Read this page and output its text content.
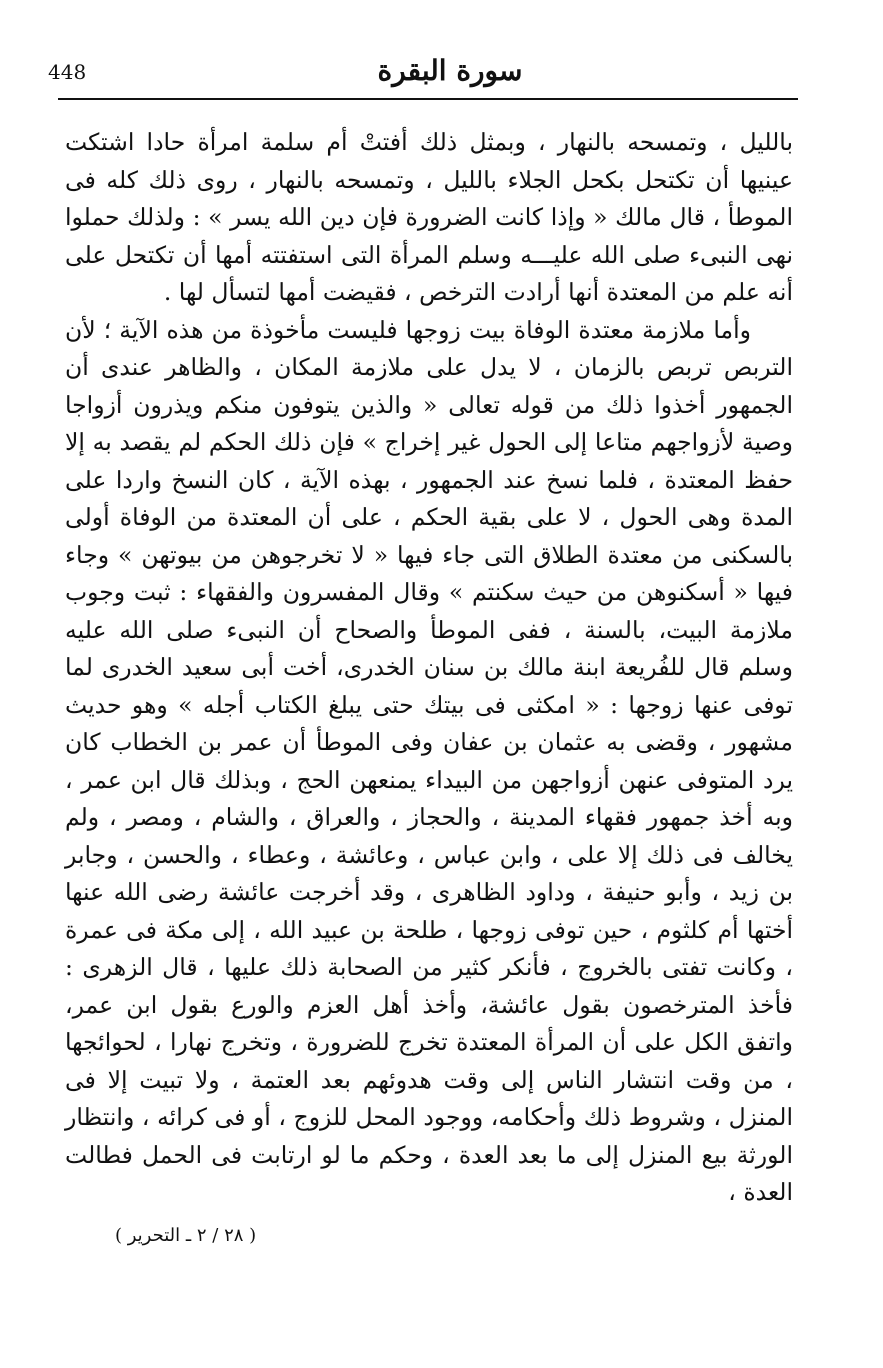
448	سورة البقرة

بالليل ، وتمسحه بالنهار ، وبمثل ذلك أفتتْ أم سلمة امرأة حادا اشتكت عينيها أن تكتحل بكحل الجلاء بالليل ، وتمسحه بالنهار ، روى ذلك كله فى الموطأ ، قال مالك « وإذا كانت الضرورة فإن دين الله يسر » : ولذلك حملوا نهى النبىء صلى الله عليـــه وسلم المرأة التى استفتته أمها أن تكتحل على أنه علم من المعتدة أنها أرادت الترخص ، فقيضت أمها لتسأل لها .

وأما ملازمة معتدة الوفاة بيت زوجها فليست مأخوذة من هذه الآية ؛ لأن التربص تربص بالزمان ، لا يدل على ملازمة المكان ، والظاهر عندى أن الجمهور أخذوا ذلك من قوله تعالى « والذين يتوفون منكم ويذرون أزواجا وصية لأزواجهم متاعا إلى الحول غير إخراج » فإن ذلك الحكم لم يقصد به إلا حفظ المعتدة ، فلما نسخ عند الجمهور ، بهذه الآية ، كان النسخ واردا على المدة وهى الحول ، لا على بقية الحكم ، على أن المعتدة من الوفاة أولى بالسكنى من معتدة الطلاق التى جاء فيها « لا تخرجوهن من بيوتهن » وجاء فيها « أسكنوهن من حيث سكنتم » وقال المفسرون والفقهاء : ثبت وجوب ملازمة البيت، بالسنة ، ففى الموطأ والصحاح أن النبىء صلى الله عليه وسلم قال للفُريعة ابنة مالك بن سنان الخدرى، أخت أبى سعيد الخدرى لما توفى عنها زوجها : « امكثى فى بيتك حتى يبلغ الكتاب أجله » وهو حديث مشهور ، وقضى به عثمان بن عفان وفى الموطأ أن عمر بن الخطاب كان يرد المتوفى عنهن أزواجهن من البيداء يمنعهن الحج ، وبذلك قال ابن عمر ، وبه أخذ جمهور فقهاء المدينة ، والحجاز ، والعراق ، والشام ، ومصر ، ولم يخالف فى ذلك إلا على ، وابن عباس ، وعائشة ، وعطاء ، والحسن ، وجابر بن زيد ، وأبو حنيفة ، وداود الظاهرى ، وقد أخرجت عائشة رضى الله عنها أختها أم كلثوم ، حين توفى زوجها ، طلحة بن عبيد الله ، إلى مكة فى عمرة ، وكانت تفتى بالخروج ، فأنكر كثير من الصحابة ذلك عليها ، قال الزهرى : فأخذ المترخصون بقول عائشة، وأخذ أهل العزم والورع بقول ابن عمر، واتفق الكل على أن المرأة المعتدة تخرج للضرورة ، وتخرج نهارا ، لحوائجها ، من وقت انتشار الناس إلى وقت هدوئهم بعد العتمة ، ولا تبيت إلا فى المنزل ، وشروط ذلك وأحكامه، ووجود المحل للزوج ، أو فى كرائه ، وانتظار الورثة بيع المنزل إلى ما بعد العدة ، وحكم ما لو ارتابت فى الحمل فطالت العدة ،

( ٢٨ / ٢ ـ التحرير )
